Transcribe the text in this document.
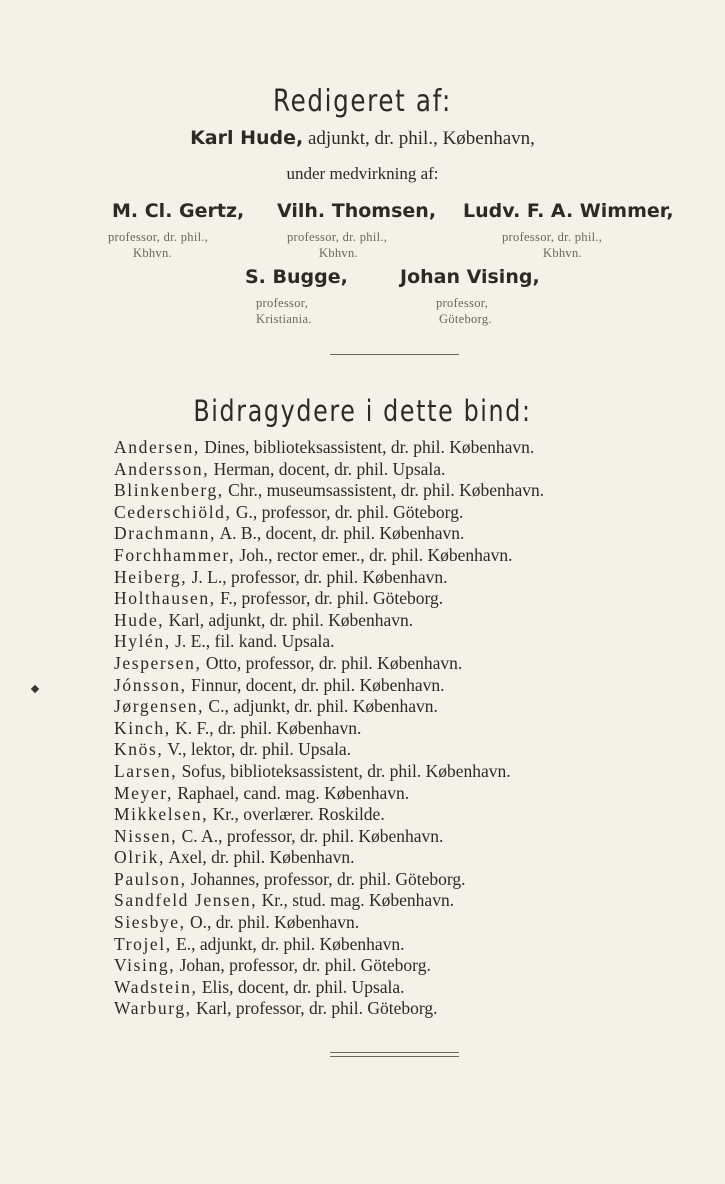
Redigeret af:
Karl Hude, adjunkt, dr. phil., København,
under medvirkning af:
M. Cl. Gertz,
professor, dr. phil.,
Kbhvn.
Vilh. Thomsen,
professor, dr. phil.,
Kbhvn.
Ludv. F. A. Wimmer,
professor, dr. phil.,
Kbhvn.
S. Bugge,
professor,
Kristiania.
Johan Vising,
professor,
Göteborg.
Bidragydere i dette bind:
Andersen, Dines, biblioteksassistent, dr. phil. København.
Andersson, Herman, docent, dr. phil. Upsala.
Blinkenberg, Chr., museumsassistent, dr. phil. København.
Cederschiöld, G., professor, dr. phil. Göteborg.
Drachmann, A. B., docent, dr. phil. København.
Forchhammer, Joh., rector emer., dr. phil. København.
Heiberg, J. L., professor, dr. phil. København.
Holthausen, F., professor, dr. phil. Göteborg.
Hude, Karl, adjunkt, dr. phil. København.
Hylén, J. E., fil. kand. Upsala.
Jespersen, Otto, professor, dr. phil. København.
Jónsson, Finnur, docent, dr. phil. København.
Jørgensen, C., adjunkt, dr. phil. København.
Kinch, K. F., dr. phil. København.
Knös, V., lektor, dr. phil. Upsala.
Larsen, Sofus, biblioteksassistent, dr. phil. København.
Meyer, Raphael, cand. mag. København.
Mikkelsen, Kr., overlærer. Roskilde.
Nissen, C. A., professor, dr. phil. København.
Olrik, Axel, dr. phil. København.
Paulson, Johannes, professor, dr. phil. Göteborg.
Sandfeld Jensen, Kr., stud. mag. København.
Siesbye, O., dr. phil. København.
Trojel, E., adjunkt, dr. phil. København.
Vising, Johan, professor, dr. phil. Göteborg.
Wadstein, Elis, docent, dr. phil. Upsala.
Warburg, Karl, professor, dr. phil. Göteborg.
